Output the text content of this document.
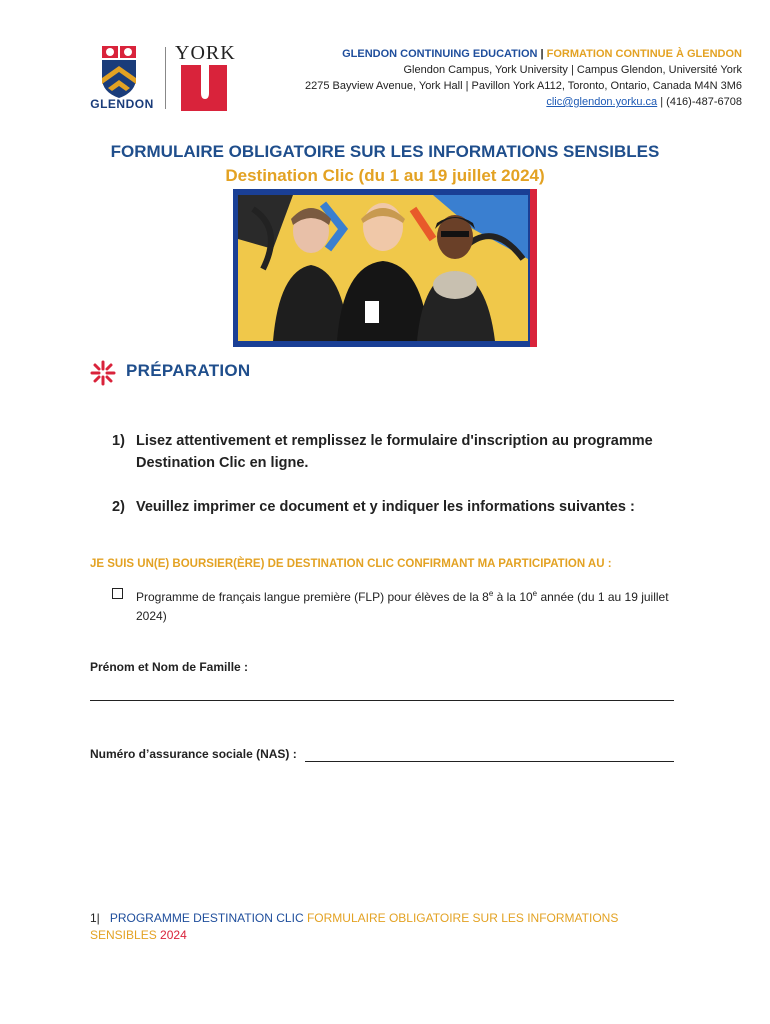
GLENDON
YORK	GLENDON CONTINUING EDUCATION | FORMATION CONTINUE À GLENDON
Glendon Campus, York University | Campus Glendon, Université York
2275 Bayview Avenue, York Hall | Pavillon York A112, Toronto, Ontario, Canada M4N 3M6
clic@glendon.yorku.ca | (416)-487-6708
FORMULAIRE OBLIGATOIRE SUR LES INFORMATIONS SENSIBLES
Destination Clic (du 1 au 19 juillet 2024)
PRÉPARATION
1) Lisez attentivement et remplissez le formulaire d'inscription au programme Destination Clic en ligne.
2) Veuillez imprimer ce document et y indiquer les informations suivantes :
JE SUIS UN(E) BOURSIER(ÈRE) DE DESTINATION CLIC CONFIRMANT MA PARTICIPATION AU :
Programme de français langue première (FLP) pour élèves de la 8e à la 10e année (du 1 au 19 juillet 2024)
Prénom et Nom de Famille :
Numéro d’assurance sociale (NAS) :
1| PROGRAMME DESTINATION CLIC FORMULAIRE OBLIGATOIRE SUR LES INFORMATIONS SENSIBLES 2024
